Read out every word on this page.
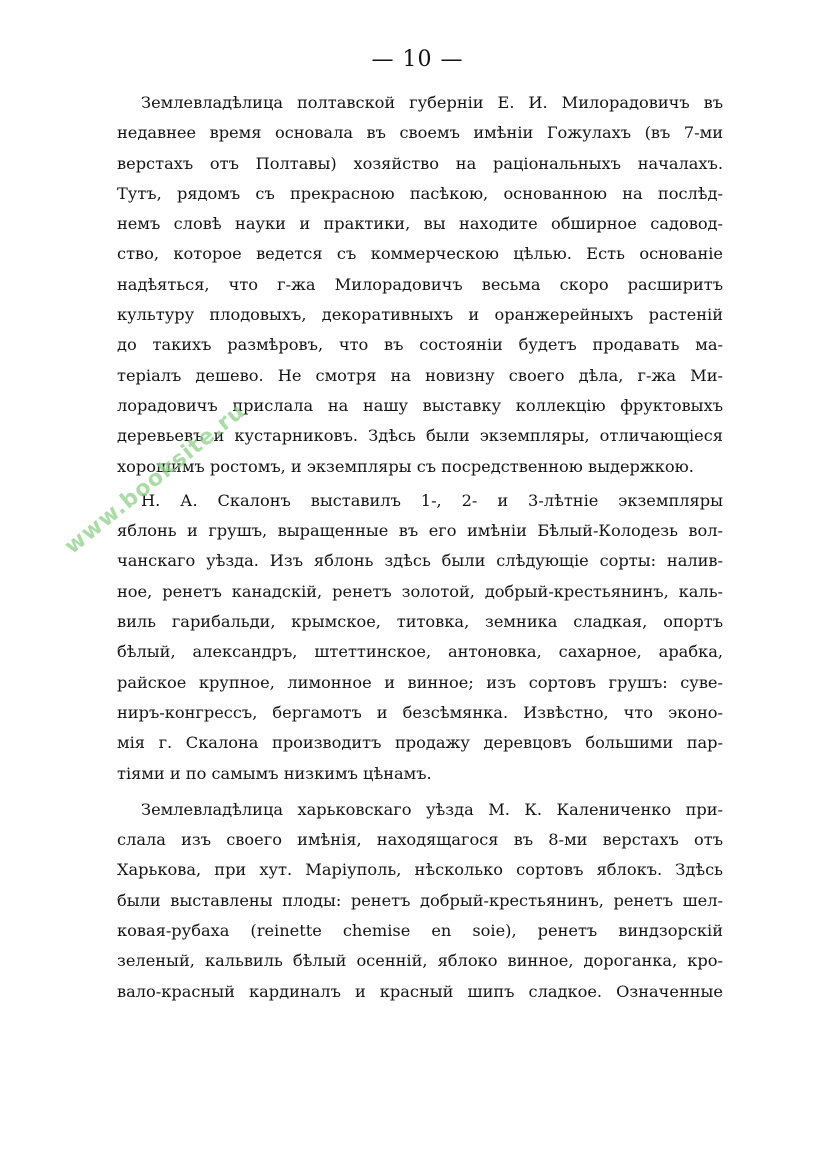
— 10 —
Землевладѣлица полтавской губерніи Е. И. Милорадовичъ въ
недавнее время основала въ своемъ имѣніи Гожулахъ (въ 7-ми
верстахъ отъ Полтавы) хозяйство на раціональныхъ началахъ.
Тутъ, рядомъ съ прекрасною пасѣкою, основанною на послѣд-
немъ словѣ науки и практики, вы находите обширное садовод-
ство, которое ведется съ коммерческою цѣлью. Есть основаніе
надѣяться, что г-жа Милорадовичъ весьма скоро расширитъ
культуру плодовыхъ, декоративныхъ и оранжерейныхъ растеній
до такихъ размѣровъ, что въ состояніи будетъ продавать ма-
теріалъ дешево. Не смотря на новизну своего дѣла, г-жа Ми-
лорадовичъ прислала на нашу выставку коллекцію фруктовыхъ
деревьевъ и кустарниковъ. Здѣсь были экземпляры, отличающіеся
хорошимъ ростомъ, и экземпляры съ посредственною выдержкою.
Н. А. Скалонъ выставилъ 1-, 2- и 3-лѣтніе экземпляры
яблонь и грушъ, выращенные въ его имѣніи Бѣлый-Колодезь вол-
чанскаго уѣзда. Изъ яблонь здѣсь были слѣдующіе сорты: налив-
ное, ренетъ канадскій, ренетъ золотой, добрый-крестьянинъ, каль-
виль гарибальди, крымское, титовка, земника сладкая, опортъ
бѣлый, александръ, штеттинское, антоновка, сахарное, арабка,
райское крупное, лимонное и винное; изъ сортовъ грушъ: суве-
ниръ-конгрессъ, бергамотъ и безсѣмянка. Извѣстно, что эконо-
мія г. Скалона производитъ продажу деревцовъ большими пар-
тіями и по самымъ низкимъ цѣнамъ.
Землевладѣлица харьковскаго уѣзда М. К. Калениченко при-
слала изъ своего имѣнія, находящагося въ 8-ми верстахъ отъ
Харькова, при хут. Маріуполь, нѣсколько сортовъ яблокъ. Здѣсь
были выставлены плоды: ренетъ добрый-крестьянинъ, ренетъ шел-
ковая-рубаха (reinette chemise en soie), ренетъ виндзорскій
зеленый, кальвиль бѣлый осенній, яблоко винное, дороганка, кро-
вало-красный кардиналъ и красный шипъ сладкое. Означенные
www.booksite.ru
